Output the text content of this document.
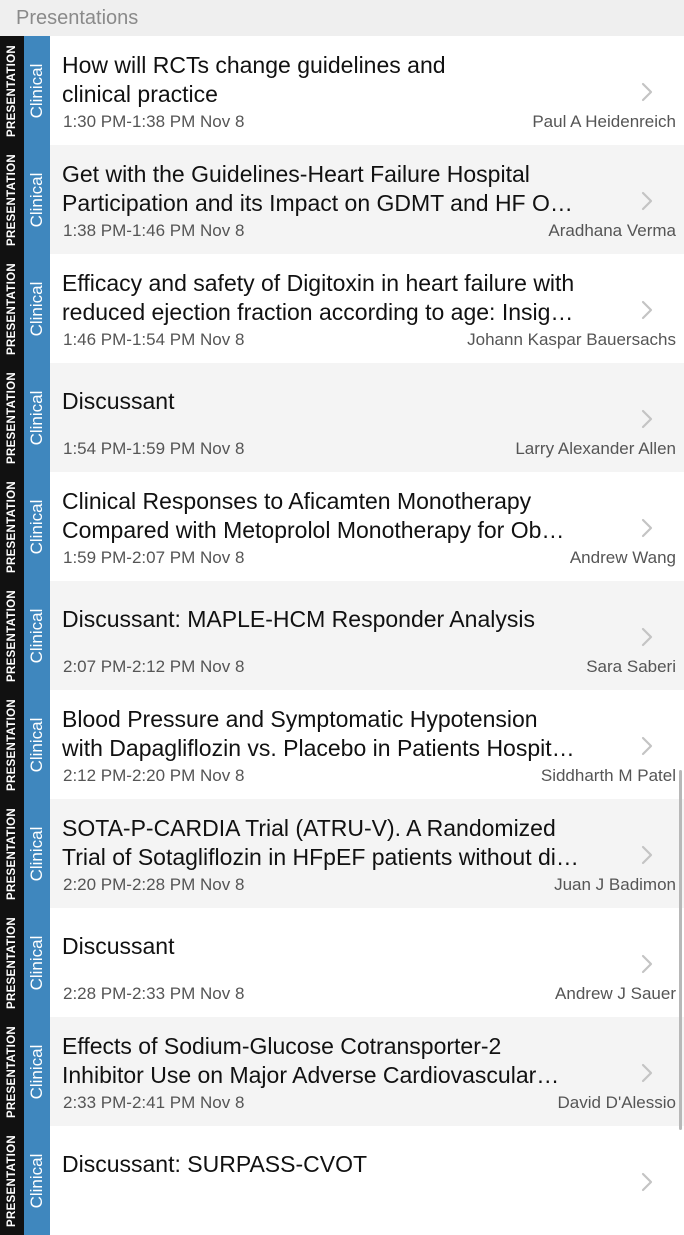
Presentations
PRESENTATION Clinical How will RCTs change guidelines and
clinical practice
1:30 PM-1:38 PM Nov 8	Paul A Heidenreich
PRESENTATION Clinical Get with the Guidelines-Heart Failure Hospital
Participation and its Impact on GDMT and HF O…
1:38 PM-1:46 PM Nov 8	Aradhana Verma
PRESENTATION Clinical Efficacy and safety of Digitoxin in heart failure with
reduced ejection fraction according to age: Insig…
1:46 PM-1:54 PM Nov 8	Johann Kaspar Bauersachs
PRESENTATION Clinical Discussant
1:54 PM-1:59 PM Nov 8	Larry Alexander Allen
PRESENTATION Clinical Clinical Responses to Aficamten Monotherapy
Compared with Metoprolol Monotherapy for Ob…
1:59 PM-2:07 PM Nov 8	Andrew Wang
PRESENTATION Clinical Discussant: MAPLE-HCM Responder Analysis
2:07 PM-2:12 PM Nov 8	Sara Saberi
PRESENTATION Clinical Blood Pressure and Symptomatic Hypotension
with Dapagliflozin vs. Placebo in Patients Hospit…
2:12 PM-2:20 PM Nov 8	Siddharth M Patel
PRESENTATION Clinical SOTA-P-CARDIA Trial (ATRU-V). A Randomized
Trial of Sotagliflozin in HFpEF patients without di…
2:20 PM-2:28 PM Nov 8	Juan J Badimon
PRESENTATION Clinical Discussant
2:28 PM-2:33 PM Nov 8	Andrew J Sauer
PRESENTATION Clinical Effects of Sodium-Glucose Cotransporter-2
Inhibitor Use on Major Adverse Cardiovascular…
2:33 PM-2:41 PM Nov 8	David D'Alessio
PRESENTATION Clinical Discussant: SURPASS-CVOT
